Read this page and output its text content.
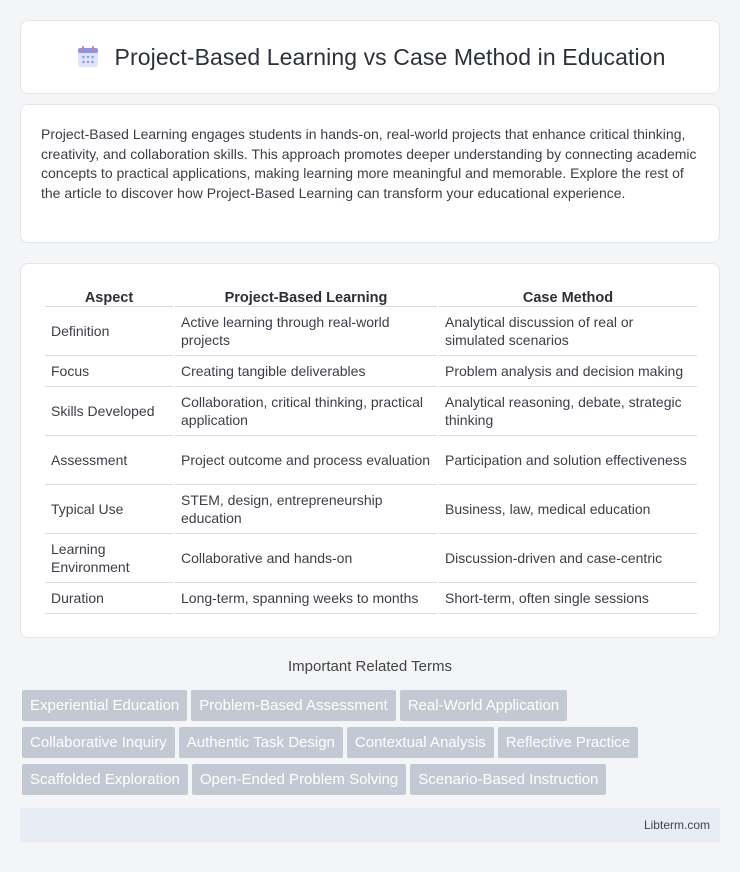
Project-Based Learning vs Case Method in Education

Project-Based Learning engages students in hands-on, real-world projects that enhance critical thinking, creativity, and collaboration skills. This approach promotes deeper understanding by connecting academic concepts to practical applications, making learning more meaningful and memorable. Explore the rest of the article to discover how Project-Based Learning can transform your educational experience.

Aspect	Project-Based Learning	Case Method
Definition	Active learning through real-world projects	Analytical discussion of real or simulated scenarios
Focus	Creating tangible deliverables	Problem analysis and decision making
Skills Developed	Collaboration, critical thinking, practical application	Analytical reasoning, debate, strategic thinking
Assessment	Project outcome and process evaluation	Participation and solution effectiveness
Typical Use	STEM, design, entrepreneurship education	Business, law, medical education
Learning Environment	Collaborative and hands-on	Discussion-driven and case-centric
Duration	Long-term, spanning weeks to months	Short-term, often single sessions
Important Related Terms
Experiential Education	Problem-Based Assessment	Real-World Application
Collaborative Inquiry	Authentic Task Design	Contextual Analysis	Reflective Practice
Scaffolded Exploration	Open-Ended Problem Solving	Scenario-Based Instruction
Libterm.com
